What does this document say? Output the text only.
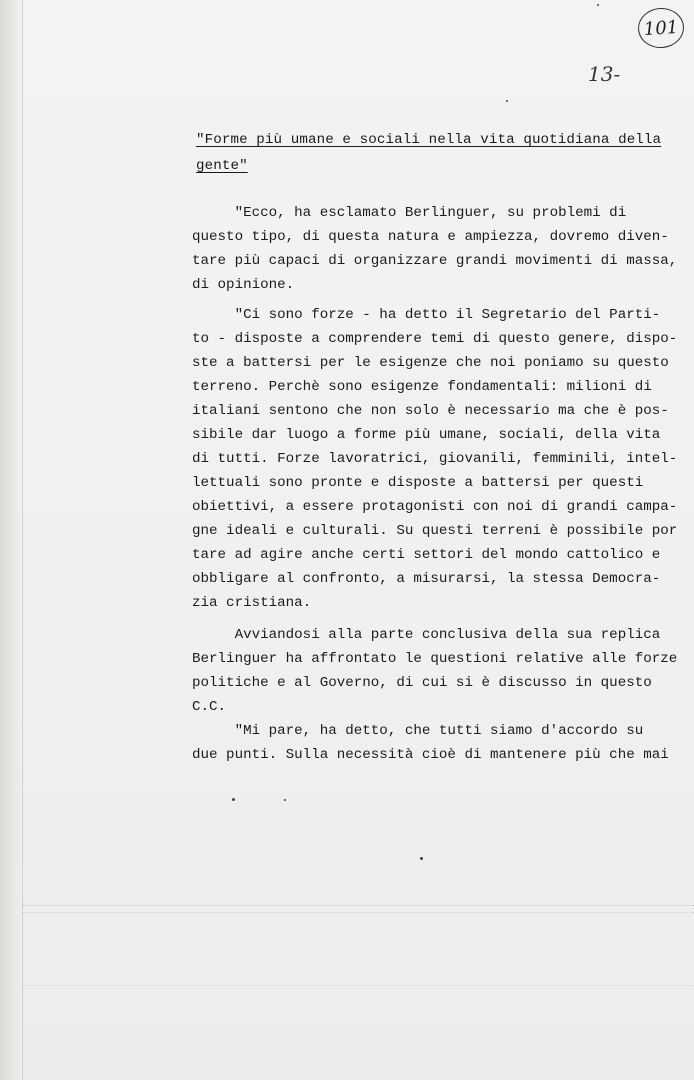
101
13-
"Forme più umane e sociali nella vita quotidiana della
gente"
"Ecco, ha esclamato Berlinguer, su problemi di
questo tipo, di questa natura e ampiezza, dovremo diven-
tare più capaci di organizzare grandi movimenti di massa,
di opinione.
"Ci sono forze - ha detto il Segretario del Parti-
to - disposte a comprendere temi di questo genere, dispo-
ste a battersi per le esigenze che noi poniamo su questo
terreno. Perchè sono esigenze fondamentali: milioni di
italiani sentono che non solo è necessario ma che è pos-
sibile dar luogo a forme più umane, sociali, della vita
di tutti. Forze lavoratrici, giovanili, femminili, intel-
lettuali sono pronte e disposte a battersi per questi
obiettivi, a essere protagonisti con noi di grandi campa-
gne ideali e culturali. Su questi terreni è possibile por
tare ad agire anche certi settori del mondo cattolico e
obbligare al confronto, a misurarsi, la stessa Democra-
zia cristiana.
Avviandosi alla parte conclusiva della sua replica
Berlinguer ha affrontato le questioni relative alle forze
politiche e al Governo, di cui si è discusso in questo
C.C.
"Mi pare, ha detto, che tutti siamo d'accordo su
due punti. Sulla necessità cioè di mantenere più che mai
